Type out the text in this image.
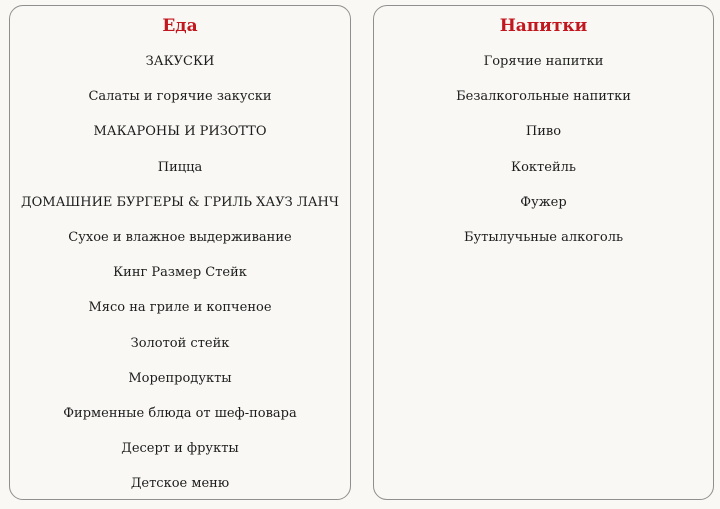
Еда
ЗАКУСКИ
Салаты и горячие закуски
МАКАРОНЫ И РИЗОТТО
Пицца
ДОМАШНИЕ БУРГЕРЫ & ГРИЛЬ ХАУЗ ЛАНЧ
Сухое и влажное выдерживание
Кинг Размер Стейк
Мясо на гриле и копченое
Золотой стейк
Морепродукты
Фирменные блюда от шеф-повара
Десерт и фрукты
Детское меню
Напитки
Горячие напитки
Безалкогольные напитки
Пиво
Коктейль
Фужер
Бутылучьные алкоголь
